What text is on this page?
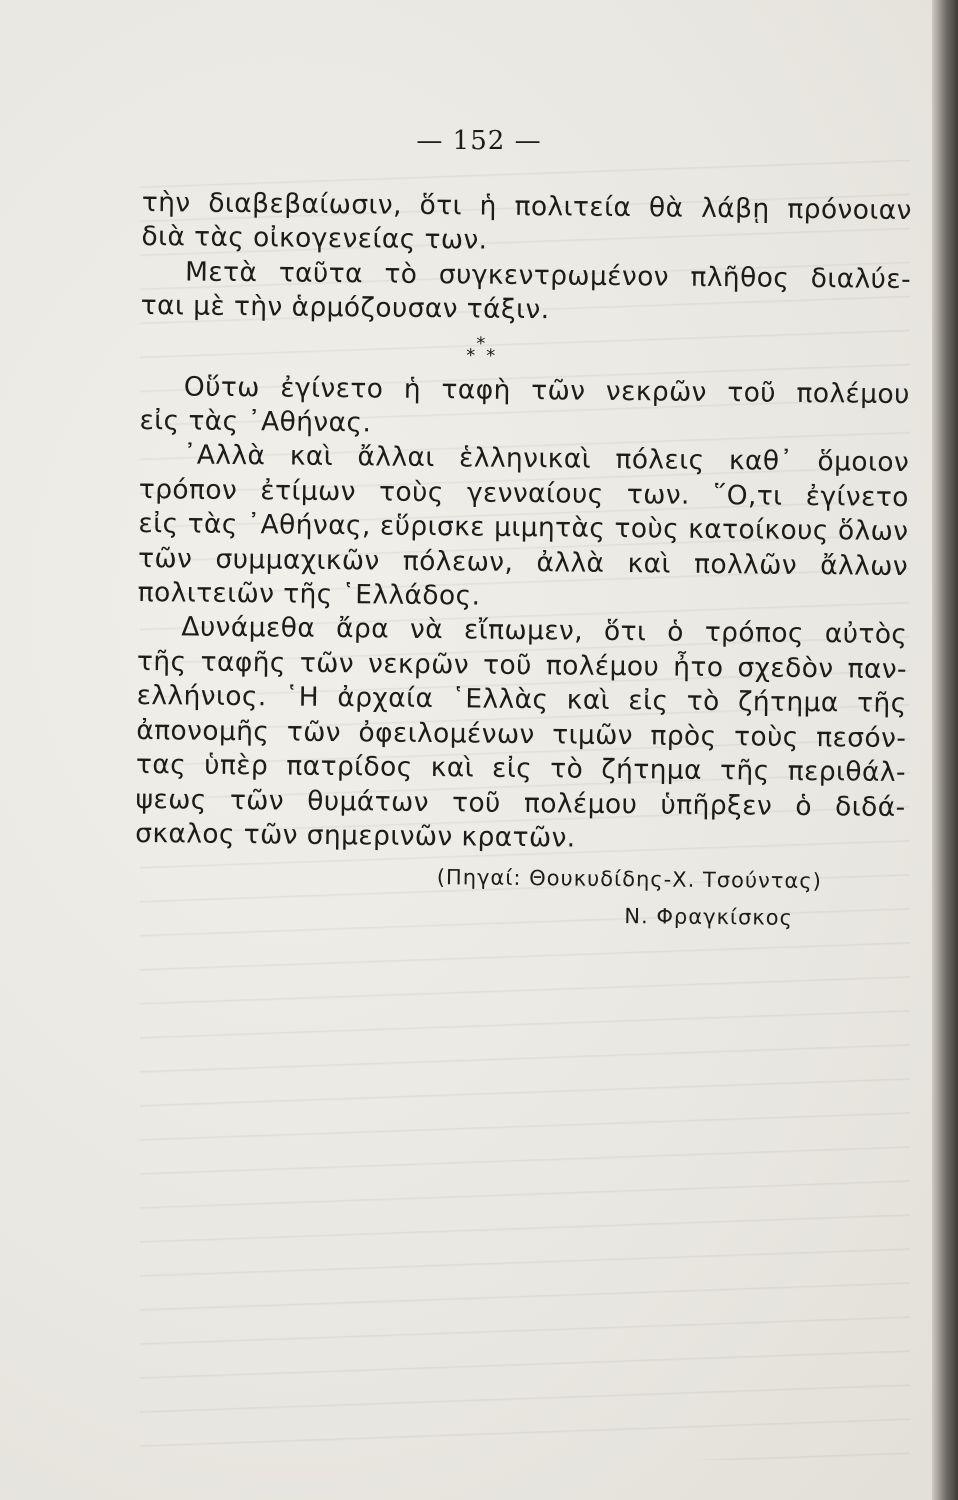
— 152 —
τὴν διαβεβαίωσιν, ὅτι ἡ πολιτεία θὰ λάβῃ πρόνοιαν
διὰ τὰς οἰκογενείας των.
Μετὰ ταῦτα τὸ συγκεντρωμένον πλῆθος διαλύε-
ται μὲ τὴν ἁρμόζουσαν τάξιν.
*
* *
Οὕτω ἐγίνετο ἡ ταφὴ τῶν νεκρῶν τοῦ πολέμου
εἰς τὰς ᾿Αθήνας.
᾿Αλλὰ καὶ ἄλλαι ἑλληνικαὶ πόλεις καθ᾿ ὅμοιον
τρόπον ἐτίμων τοὺς γενναίους των. ῞Ο,τι ἐγίνετο
εἰς τὰς ᾿Αθήνας, εὕρισκε μιμητὰς τοὺς κατοίκους ὅλων
τῶν συμμαχικῶν πόλεων, ἀλλὰ καὶ πολλῶν ἄλλων
πολιτειῶν τῆς ῾Ελλάδος.
Δυνάμεθα ἄρα νὰ εἴπωμεν, ὅτι ὁ τρόπος αὐτὸς
τῆς ταφῆς τῶν νεκρῶν τοῦ πολέμου ἦτο σχεδὸν παν-
ελλήνιος. ῾Η ἀρχαία ῾Ελλὰς καὶ εἰς τὸ ζήτημα τῆς
ἀπονομῆς τῶν ὀφειλομένων τιμῶν πρὸς τοὺς πεσόν-
τας ὑπὲρ πατρίδος καὶ εἰς τὸ ζήτημα τῆς περιθάλ-
ψεως τῶν θυμάτων τοῦ πολέμου ὑπῆρξεν ὁ διδά-
σκαλος τῶν σημερινῶν κρατῶν.
(Πηγαί: Θουκυδίδης-Χ. Τσούντας)
Ν. Φραγκίσκος
